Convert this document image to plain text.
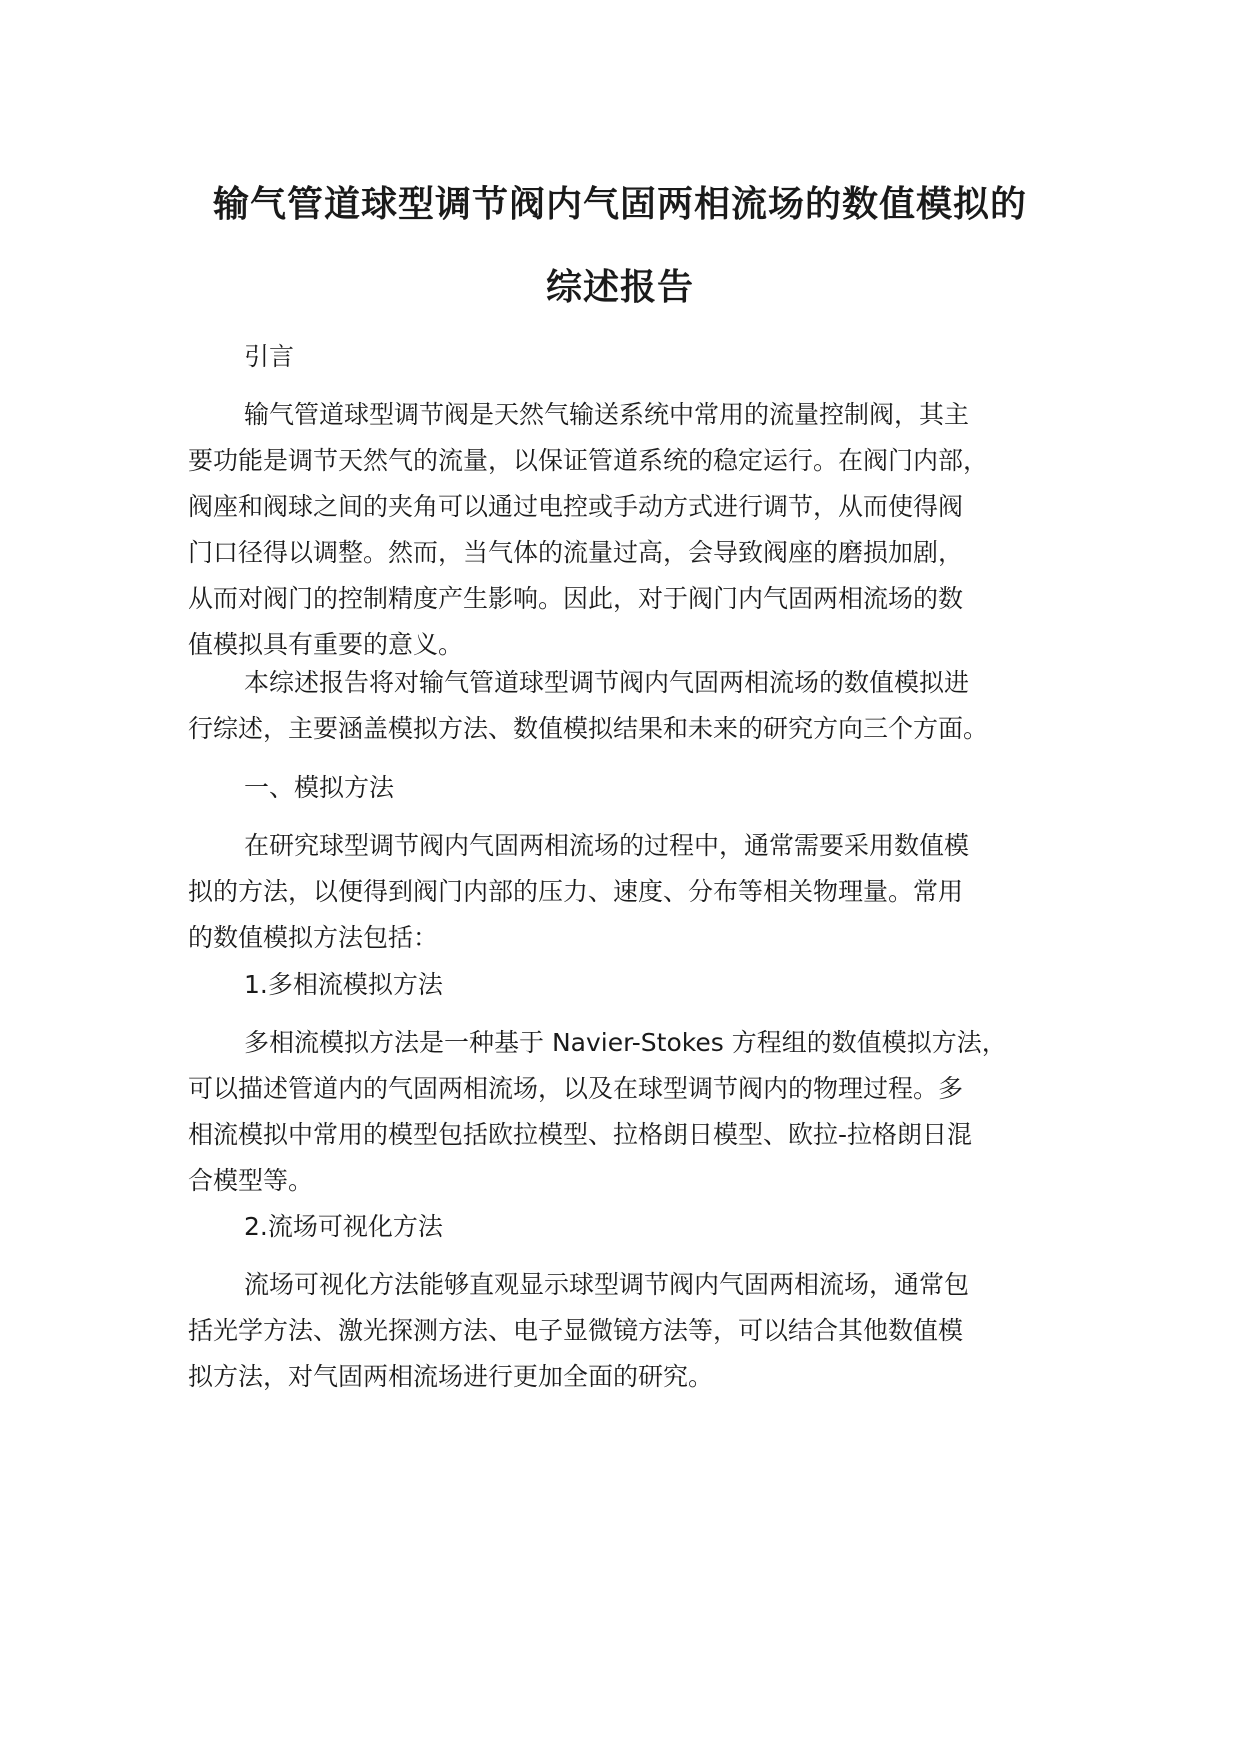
输气管道球型调节阀内气固两相流场的数值模拟的
综述报告
引言
输气管道球型调节阀是天然气输送系统中常用的流量控制阀，其主
要功能是调节天然气的流量，以保证管道系统的稳定运行。在阀门内部，
阀座和阀球之间的夹角可以通过电控或手动方式进行调节，从而使得阀
门口径得以调整。然而，当气体的流量过高，会导致阀座的磨损加剧，
从而对阀门的控制精度产生影响。因此，对于阀门内气固两相流场的数
值模拟具有重要的意义。
本综述报告将对输气管道球型调节阀内气固两相流场的数值模拟进
行综述，主要涵盖模拟方法、数值模拟结果和未来的研究方向三个方面。
一、模拟方法
在研究球型调节阀内气固两相流场的过程中，通常需要采用数值模
拟的方法，以便得到阀门内部的压力、速度、分布等相关物理量。常用
的数值模拟方法包括：
1.多相流模拟方法
多相流模拟方法是一种基于 Navier-Stokes 方程组的数值模拟方法，
可以描述管道内的气固两相流场，以及在球型调节阀内的物理过程。多
相流模拟中常用的模型包括欧拉模型、拉格朗日模型、欧拉-拉格朗日混
合模型等。
2.流场可视化方法
流场可视化方法能够直观显示球型调节阀内气固两相流场，通常包
括光学方法、激光探测方法、电子显微镜方法等，可以结合其他数值模
拟方法，对气固两相流场进行更加全面的研究。
